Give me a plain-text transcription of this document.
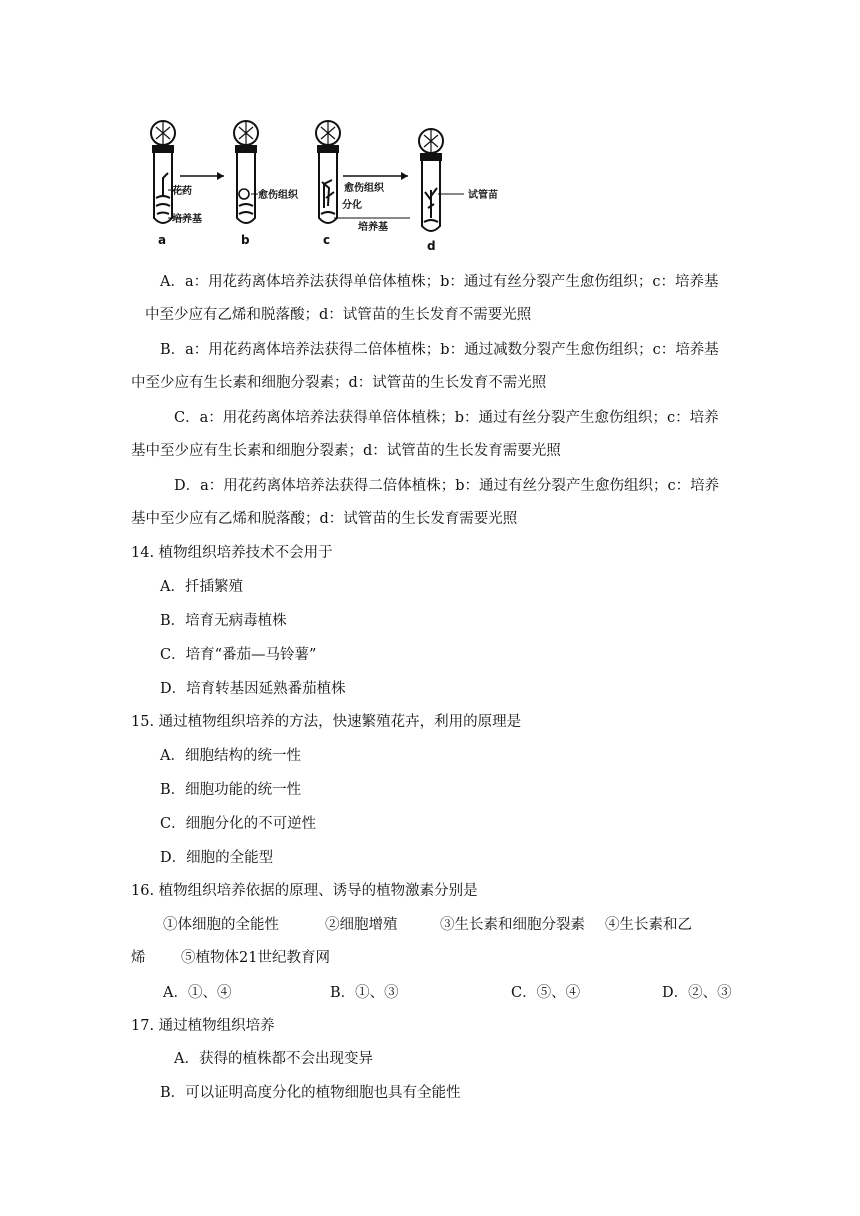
花药
培养基
愈伤组织
愈伤组织
分化
培养基
试管苗
a	b	c	d
A．a：用花药离体培养法获得单倍体植株；b：通过有丝分裂产生愈伤组织；c：培养基
中至少应有乙烯和脱落酸；d：试管苗的生长发育不需要光照
B．a：用花药离体培养法获得二倍体植株；b：通过减数分裂产生愈伤组织；c：培养基
中至少应有生长素和细胞分裂素；d：试管苗的生长发育不需光照
C．a：用花药离体培养法获得单倍体植株；b：通过有丝分裂产生愈伤组织；c：培养
基中至少应有生长素和细胞分裂素；d：试管苗的生长发育需要光照
D．a：用花药离体培养法获得二倍体植株；b：通过有丝分裂产生愈伤组织；c：培养
基中至少应有乙烯和脱落酸；d：试管苗的生长发育需要光照
14. 植物组织培养技术不会用于
A．扦插繁殖
B．培育无病毒植株
C．培育“番茄—马铃薯”
D．培育转基因延熟番茄植株
15. 通过植物组织培养的方法，快速繁殖花卉，利用的原理是
A．细胞结构的统一性
B．细胞功能的统一性
C．细胞分化的不可逆性
D．细胞的全能型
16. 植物组织培养依据的原理、诱导的植物激素分别是
①体细胞的全能性	②细胞增殖	③生长素和细胞分裂素 ④生长素和乙
烯 ⑤植物体21世纪教育网
A．①、④	B．①、③	C．⑤、④	D．②、③
17. 通过植物组织培养
A．获得的植株都不会出现变异
B．可以证明高度分化的植物细胞也具有全能性
